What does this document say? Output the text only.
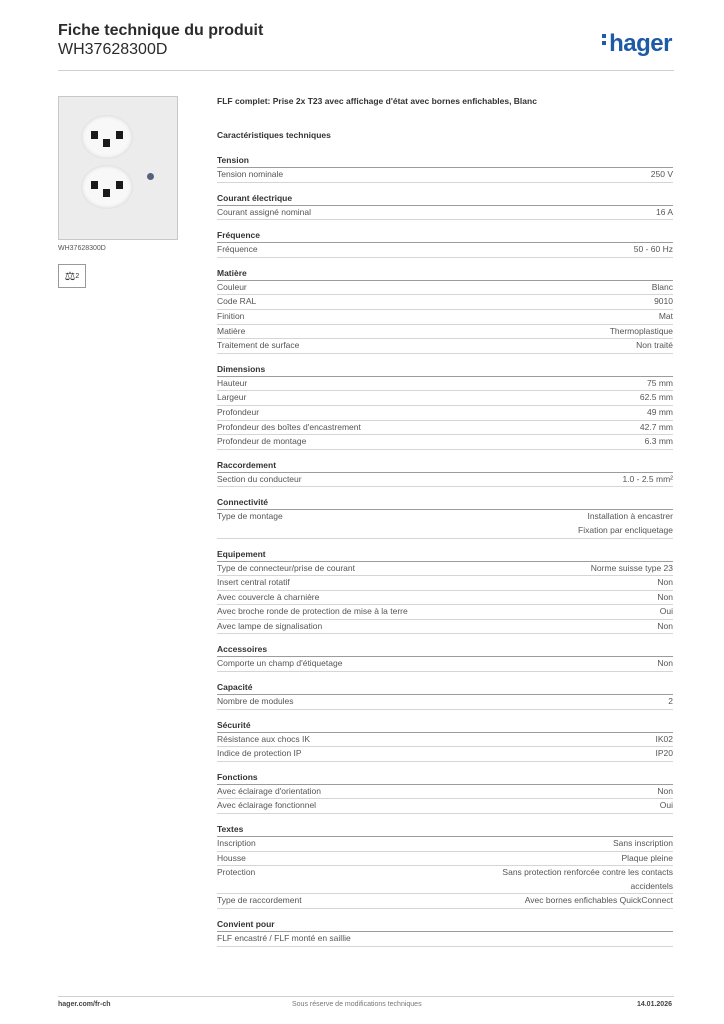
Fiche technique du produit
WH37628300D	hager
WH37628300D
⚖ 2
FLF complet: Prise 2x T23 avec affichage d'état avec bornes enfichables, Blanc
Caractéristiques techniques
Tension
Tension nominale	250 V
Courant électrique
Courant assigné nominal	16 A
Fréquence
Fréquence	50 - 60 Hz
Matière
Couleur	Blanc
Code RAL	9010
Finition	Mat
Matière	Thermoplastique
Traitement de surface	Non traité
Dimensions
Hauteur	75 mm
Largeur	62.5 mm
Profondeur	49 mm
Profondeur des boîtes d'encastrement	42.7 mm
Profondeur de montage	6.3 mm
Raccordement
Section du conducteur	1.0 - 2.5 mm²
Connectivité
Type de montage	Installation à encastrer
Fixation par encliquetage
Equipement
Type de connecteur/prise de courant	Norme suisse type 23
Insert central rotatif	Non
Avec couvercle à charnière	Non
Avec broche ronde de protection de mise à la terre	Oui
Avec lampe de signalisation	Non
Accessoires
Comporte un champ d'étiquetage	Non
Capacité
Nombre de modules	2
Sécurité
Résistance aux chocs IK	IK02
Indice de protection IP	IP20
Fonctions
Avec éclairage d'orientation	Non
Avec éclairage fonctionnel	Oui
Textes
Inscription	Sans inscription
Housse	Plaque pleine
Protection	Sans protection renforcée contre les contacts
accidentels
Type de raccordement	Avec bornes enfichables QuickConnect
Convient pour
FLF encastré / FLF monté en saillie
hager.com/fr-ch	Sous réserve de modifications techniques	14.01.2026
